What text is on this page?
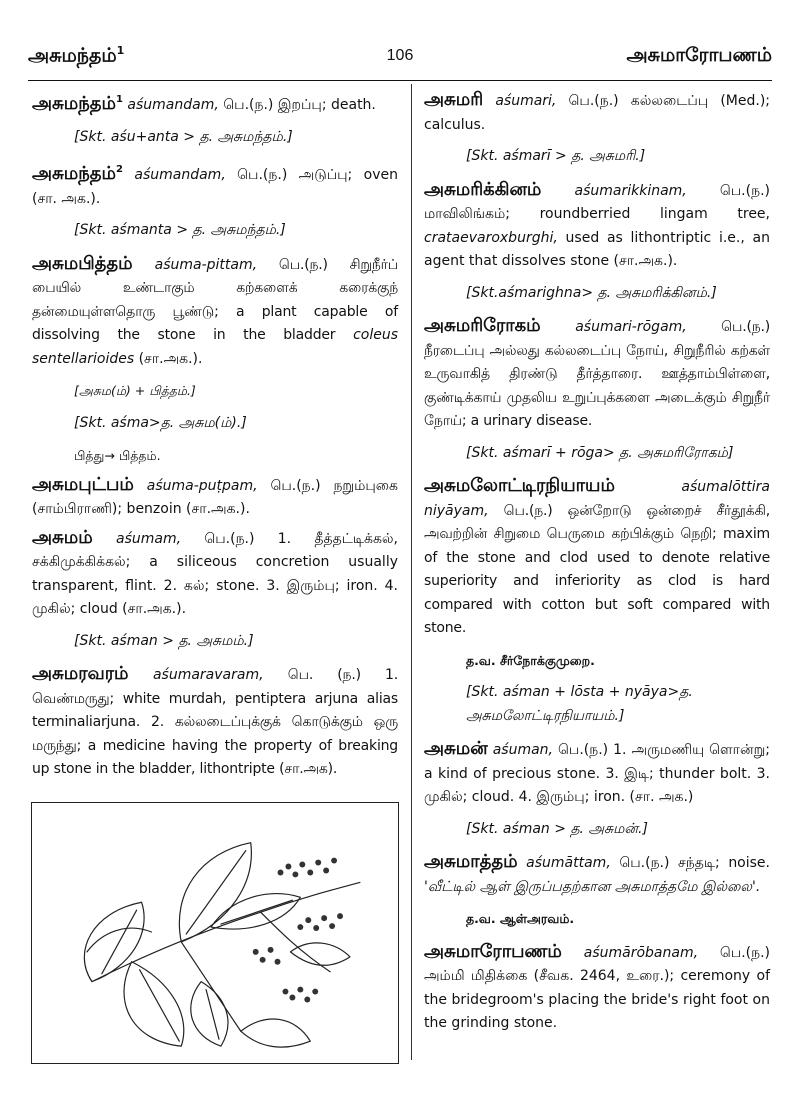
அசுமந்தம்$^1$	106	அசுமாரோபணம்
அசுமந்தம்$^1$ aśumandam, பெ.(ந.) இறப்பு; death.
[Skt. aśu+anta > த. அசுமந்தம்.]
அசுமந்தம்$^2$ aśumandam, பெ.(ந.) அடுப்பு; oven (சா. அக.).
[Skt. aśmanta > த. அசுமந்தம்.]
அசுமபித்தம் aśuma-pittam, பெ.(ந.) சிறுநீர்ப் பையில் உண்டாகும் கற்களைக் கரைக்குந் தன்மையுள்ளதொரு பூண்டு; a plant capable of dissolving the stone in the bladder coleus sentellarioides (சா.அக.).
[அசும(ம்) + பித்தம்.]
[Skt. aśma>த. அசும(ம்).]
பித்து→ பித்தம்.
அசுமபுட்பம் aśuma-puṭpam, பெ.(ந.) நறும்புகை (சாம்பிராணி); benzoin (சா.அக.).
அசுமம் aśumam, பெ.(ந.) 1. தீத்தட்டிக்கல், சக்கிமுக்கிக்கல்; a siliceous concretion usually transparent, flint. 2. கல்; stone. 3. இரும்பு; iron. 4. முகில்; cloud (சா.அக.).
[Skt. aśman > த. அசுமம்.]
அசுமரவரம் aśumaravaram, பெ. (ந.) 1. வெண்மருது; white murdah, pentiptera arjuna alias terminaliarjuna. 2. கல்லடைப்புக்குக் கொடுக்கும் ஒரு மருந்து; a medicine having the property of breaking up stone in the bladder, lithontripte (சா.அக).
அசுமரி aśumari, பெ.(ந.) கல்லடைப்பு (Med.); calculus.
[Skt. aśmarī > த. அசுமரி.]
அசுமரிக்கினம் aśumarikkinam, பெ.(ந.) மாவிலிங்கம்; roundberried lingam tree, crataevaroxburghi, used as lithontriptic i.e., an agent that dissolves stone (சா.அக.).
[Skt.aśmarighna> த. அசுமரிக்கினம்.]
அசுமரிரோகம் aśumari-rōgam, பெ.(ந.) நீரடைப்பு அல்லது கல்லடைப்பு நோய், சிறுநீரில் கற்கள் உருவாகித் திரண்டு தீர்த்தாரை. ஊத்தாம்பிள்ளை, குண்டிக்காய் முதலிய உறுப்புக்களை அடைக்கும் சிறுநீர் நோய்; a urinary disease.
[Skt. aśmarī + rōga> த. அசுமரிரோகம்]
அசுமலோட்டிரநியாயம்	aśumalōttira niyāyam, பெ.(ந.) ஒன்றோடு ஒன்றைச் சீர்தூக்கி, அவற்றின் சிறுமை பெருமை கற்பிக்கும் நெறி; maxim of the stone and clod used to denote relative superiority and inferiority as clod is hard compared with cotton but soft compared with stone.
த.வ. சீர்நோக்குமுறை.
[Skt. aśman + lōsta + nyāya>த. அசுமலோட்டிரநியாயம்.]
அசுமன் aśuman, பெ.(ந.) 1. அருமணியு ளொன்று; a kind of precious stone. 3. இடி; thunder bolt. 3. முகில்; cloud. 4. இரும்பு; iron. (சா. அக.)
[Skt. aśman > த. அசுமன்.]
அசுமாத்தம் aśumāttam, பெ.(ந.) சந்தடி; noise. 'வீட்டில் ஆள் இருப்பதற்கான அசுமாத்தமே இல்லை'.
த.வ. ஆள்அரவம்.
அசுமாரோபணம் aśumārōbanam, பெ.(ந.) அம்மி மிதிக்கை (சீவக. 2464, உரை.); ceremony of the bridegroom's placing the bride's right foot on the grinding stone.
